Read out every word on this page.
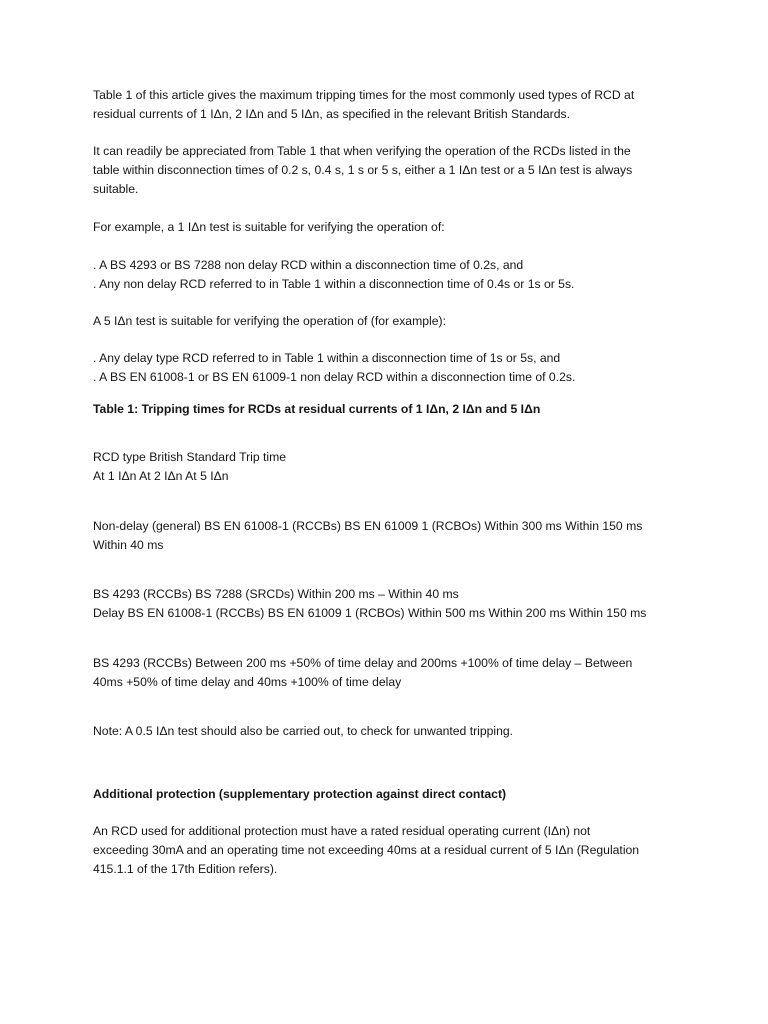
Table 1 of this article gives the maximum tripping times for the most commonly used types of RCD at

residual currents of 1 IΔn, 2 IΔn and 5 IΔn, as specified in the relevant British Standards.

It can readily be appreciated from Table 1 that when verifying the operation of the RCDs listed in the

table within disconnection times of 0.2 s, 0.4 s, 1 s or 5 s, either a 1 IΔn test or a 5 IΔn test is always

suitable.

For example, a 1 IΔn test is suitable for verifying the operation of:

. A BS 4293 or BS 7288 non delay RCD within a disconnection time of 0.2s, and

. Any non delay RCD referred to in Table 1 within a disconnection time of 0.4s or 1s or 5s.

A 5 IΔn test is suitable for verifying the operation of (for example):

. Any delay type RCD referred to in Table 1 within a disconnection time of 1s or 5s, and

. A BS EN 61008-1 or BS EN 61009-1 non delay RCD within a disconnection time of 0.2s.

Table 1: Tripping times for RCDs at residual currents of 1 IΔn, 2 IΔn and 5 IΔn

RCD type British Standard Trip time

At 1 IΔn At 2 IΔn At 5 IΔn

Non-delay (general) BS EN 61008-1 (RCCBs) BS EN 61009 1 (RCBOs) Within 300 ms Within 150 ms

Within 40 ms

BS 4293 (RCCBs) BS 7288 (SRCDs) Within 200 ms – Within 40 ms

Delay BS EN 61008-1 (RCCBs) BS EN 61009 1 (RCBOs) Within 500 ms Within 200 ms Within 150 ms

BS 4293 (RCCBs) Between 200 ms +50% of time delay and 200ms +100% of time delay – Between

40ms +50% of time delay and 40ms +100% of time delay

Note: A 0.5 IΔn test should also be carried out, to check for unwanted tripping.

Additional protection (supplementary protection against direct contact)

An RCD used for additional protection must have a rated residual operating current (IΔn) not

exceeding 30mA and an operating time not exceeding 40ms at a residual current of 5 IΔn (Regulation

415.1.1 of the 17th Edition refers).
